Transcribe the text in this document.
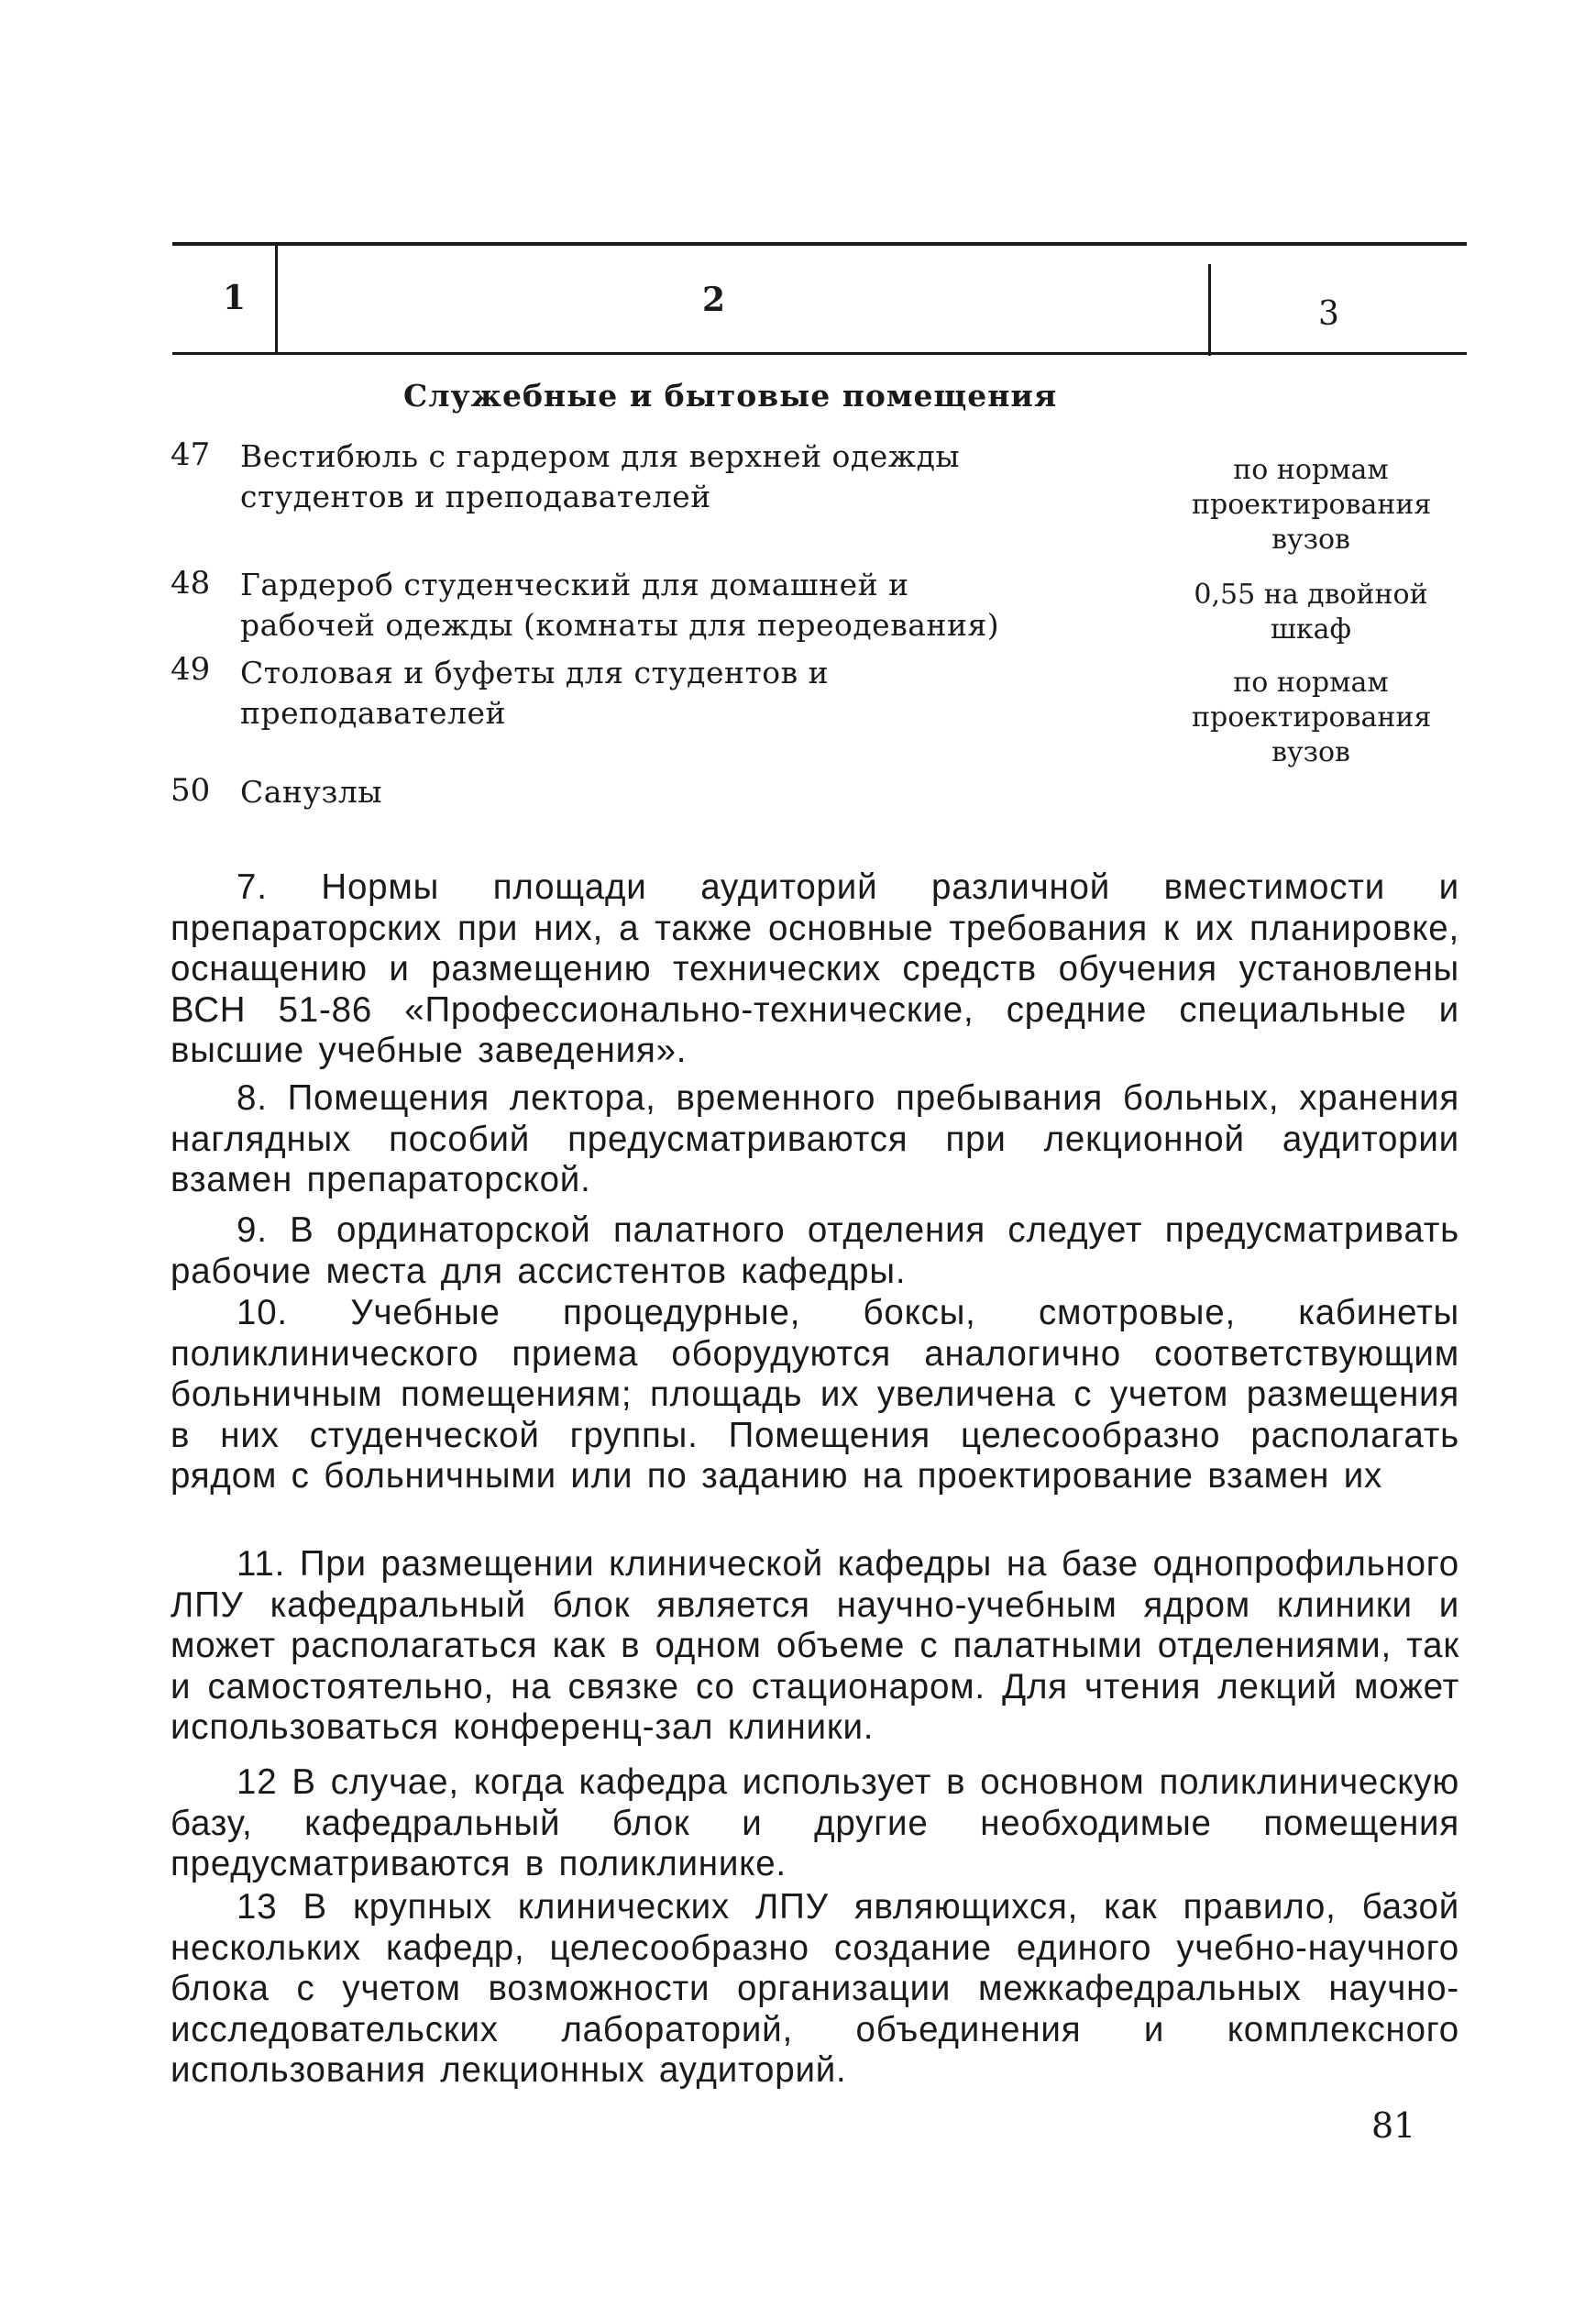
1	2	3
Служебные и бытовые помещения
47 Вестибюль с гардером для верхней одежды студентов и преподавателей
по нормам проектирования вузов
48 Гардероб студенческий для домашней и рабочей одежды (комнаты для переодевания)
0,55 на двойной шкаф
49 Столовая и буфеты для студентов и преподавателей
по нормам проектирования вузов
50 Санузлы
7. Нормы площади аудиторий различной вместимости и препараторских при них, а также основные требования к их планировке, оснащению и размещению технических средств обучения установлены ВСН 51-86 «Профессионально-технические, средние специальные и высшие учебные заведения».
8. Помещения лектора, временного пребывания больных, хранения наглядных пособий предусматриваются при лекционной аудитории взамен препараторской.
9. В ординаторской палатного отделения следует предусматривать рабочие места для ассистентов кафедры.
10. Учебные процедурные, боксы, смотровые, кабинеты поликлинического приема оборудуются аналогично соответствующим больничным помещениям; площадь их увеличена с учетом размещения в них студенческой группы. Помещения целесообразно располагать рядом с больничными или по заданию на проектирование взамен их
11. При размещении клинической кафедры на базе однопрофильного ЛПУ кафедральный блок является научно-учебным ядром клиники и может располагаться как в одном объеме с палатными отделениями, так и самостоятельно, на связке со стационаром. Для чтения лекций может использоваться конференц-зал клиники.
12 В случае, когда кафедра использует в основном поликлиническую базу, кафедральный блок и другие необходимые помещения предусматриваются в поликлинике.
13 В крупных клинических ЛПУ являющихся, как правило, базой нескольких кафедр, целесообразно создание единого учебно-научного блока с учетом возможности организации межкафедральных научно-исследовательских лабораторий, объединения и комплексного использования лекционных аудиторий.
81
